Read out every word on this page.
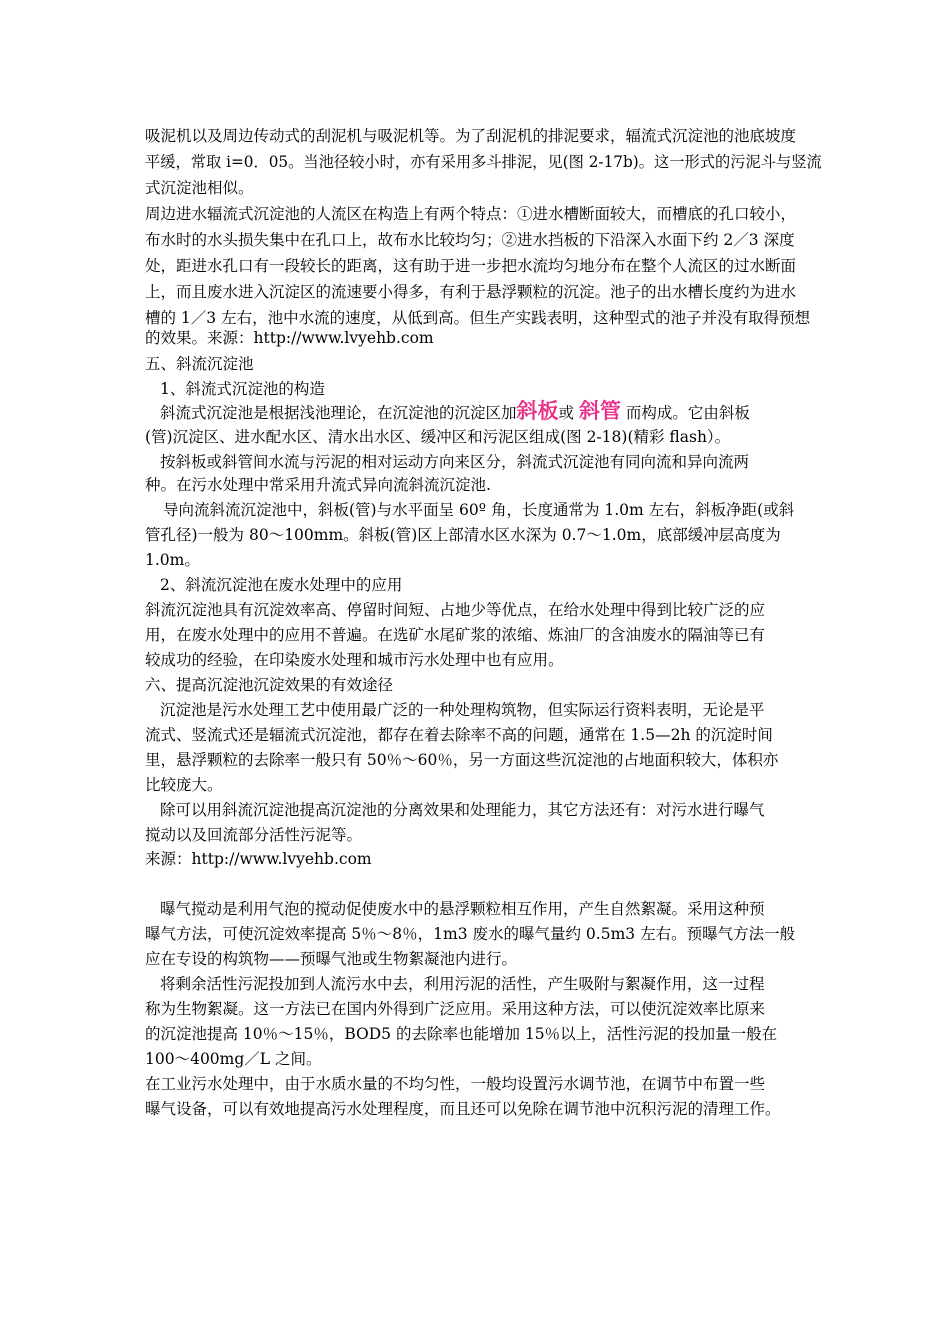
吸泥机以及周边传动式的刮泥机与吸泥机等。为了刮泥机的排泥要求，辐流式沉淀池的池底坡度
平缓，常取 i=0．05。当池径较小时，亦有采用多斗排泥，见(图 2-17b)。这一形式的污泥斗与竖流
式沉淀池相似。
周边进水辐流式沉淀池的人流区在构造上有两个特点：①进水槽断面较大，而槽底的孔口较小，
布水时的水头损失集中在孔口上，故布水比较均匀；②进水挡板的下沿深入水面下约 2／3 深度
处，距进水孔口有一段较长的距离，这有助于进一步把水流均匀地分布在整个人流区的过水断面
上，而且废水进入沉淀区的流速要小得多，有利于悬浮颗粒的沉淀。池子的出水槽长度约为进水
槽的 1／3 左右，池中水流的速度，从低到高。但生产实践表明，这种型式的池子并没有取得预想
的效果。来源：http://www.lvyehb.com
五、斜流沉淀池
1、斜流式沉淀池的构造
斜流式沉淀池是根据浅池理论，在沉淀池的沉淀区加斜板或 斜管 而构成。它由斜板
(管)沉淀区、进水配水区、清水出水区、缓冲区和污泥区组成(图 2-18)(精彩 flash）。
按斜板或斜管间水流与污泥的相对运动方向来区分，斜流式沉淀池有同向流和异向流两
种。在污水处理中常采用升流式异向流斜流沉淀池.
导向流斜流沉淀池中，斜板(管)与水平面呈 60º 角，长度通常为 1.0m 左右，斜板净距(或斜
管孔径)一般为 80～100mm。斜板(管)区上部清水区水深为 0.7～1.0m，底部缓冲层高度为
1.0m。
2、斜流沉淀池在废水处理中的应用
斜流沉淀池具有沉淀效率高、停留时间短、占地少等优点，在给水处理中得到比较广泛的应
用，在废水处理中的应用不普遍。在选矿水尾矿浆的浓缩、炼油厂的含油废水的隔油等已有
较成功的经验，在印染废水处理和城市污水处理中也有应用。
六、提高沉淀池沉淀效果的有效途径
沉淀池是污水处理工艺中使用最广泛的一种处理构筑物，但实际运行资料表明，无论是平
流式、竖流式还是辐流式沉淀池，都存在着去除率不高的问题，通常在 1.5—2h 的沉淀时间
里，悬浮颗粒的去除率一般只有 50％～60％，另一方面这些沉淀池的占地面积较大，体积亦
比较庞大。
除可以用斜流沉淀池提高沉淀池的分离效果和处理能力，其它方法还有：对污水进行曝气
搅动以及回流部分活性污泥等。
来源：http://www.lvyehb.com
曝气搅动是利用气泡的搅动促使废水中的悬浮颗粒相互作用，产生自然絮凝。采用这种预
曝气方法，可使沉淀效率提高 5％～8％，1m3 废水的曝气量约 0.5m3 左右。预曝气方法一般
应在专设的构筑物——预曝气池或生物絮凝池内进行。
将剩余活性污泥投加到人流污水中去，利用污泥的活性，产生吸附与絮凝作用，这一过程
称为生物絮凝。这一方法已在国内外得到广泛应用。采用这种方法，可以使沉淀效率比原来
的沉淀池提高 10％～15％，BOD5 的去除率也能增加 15％以上，活性污泥的投加量一般在
100～400mg／L 之间。
在工业污水处理中，由于水质水量的不均匀性，一般均设置污水调节池，在调节中布置一些
曝气设备，可以有效地提高污水处理程度，而且还可以免除在调节池中沉积污泥的清理工作。
